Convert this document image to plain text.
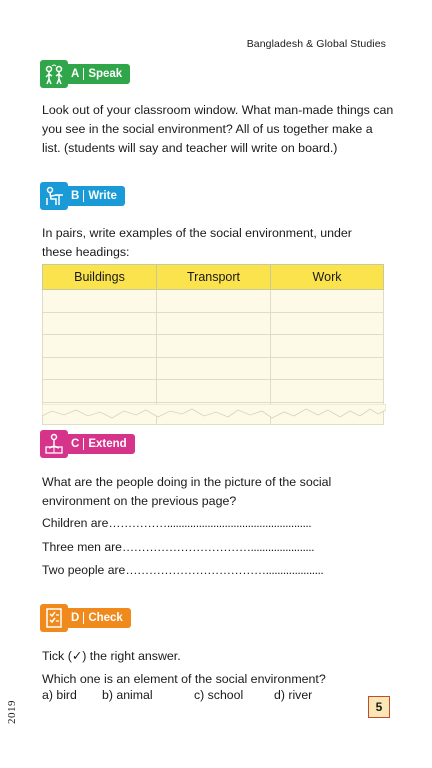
Bangladesh & Global Studies
A Speak
Look out of your classroom window. What man-made things can you see in the social environment? All of us together make a list. (students will say and teacher will write on board.)
B Write
In pairs, write examples of the social environment, under these headings:
Buildings	Transport	Work

C Extend
What are the people doing in the picture of the social environment on the previous page?
Children are……………..................................................
Three men are……………………………......................
Two people are………………………………....................
D Check
Tick (✓) the right answer.
Which one is an element of the social environment?
a) bird	b) animal	c) school	d) river
5
2019
